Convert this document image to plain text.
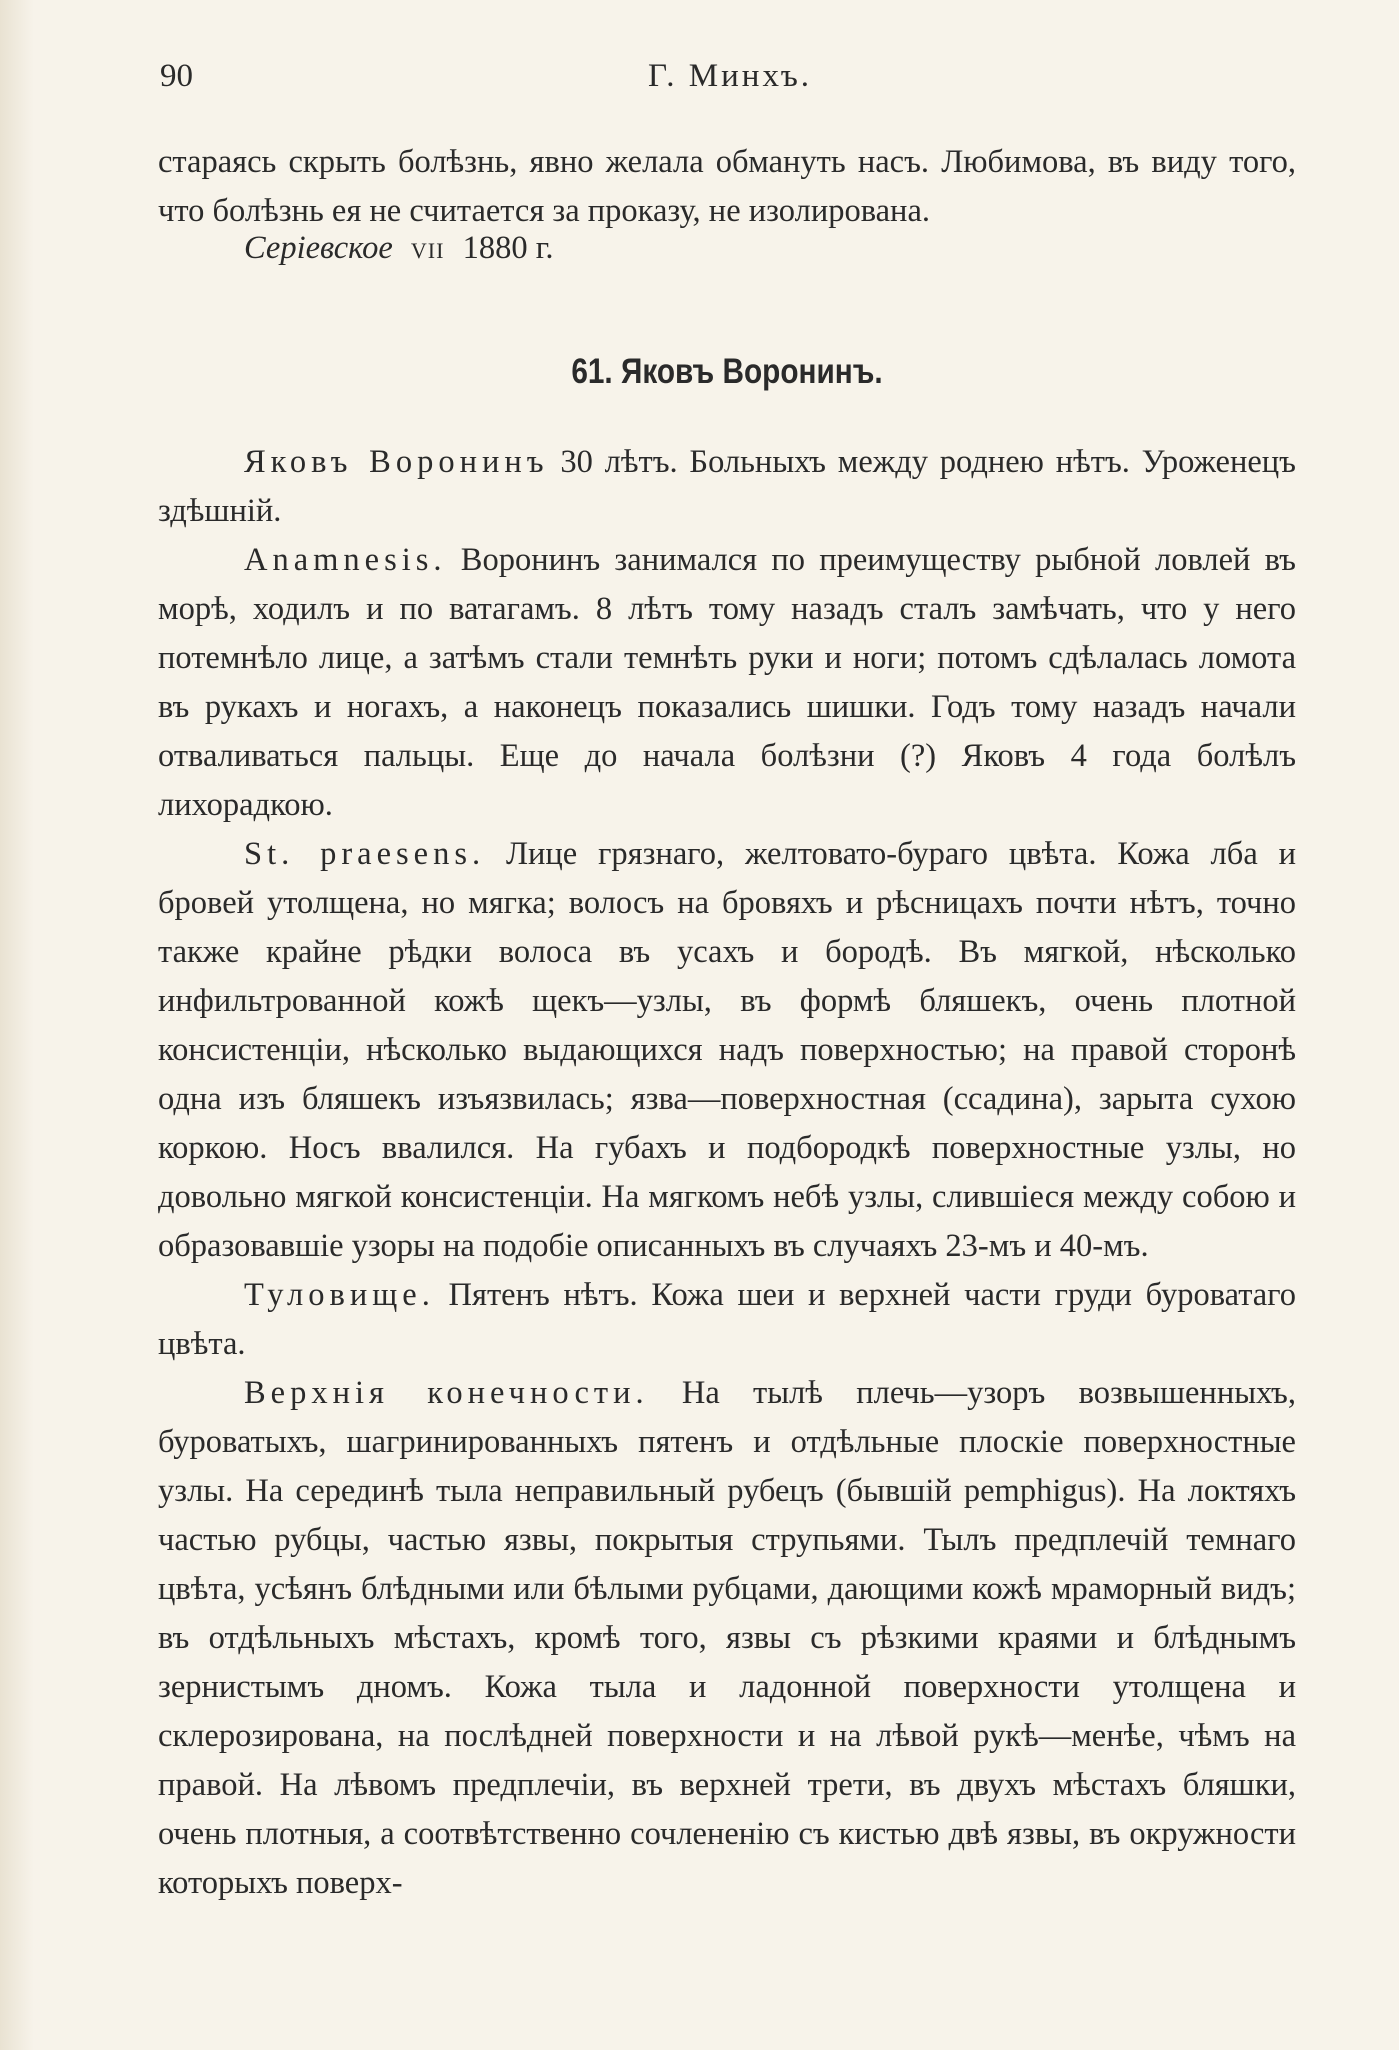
90	Г. Минхъ.

стараясь скрыть болѣзнь, явно желала обмануть насъ. Любимова, въ виду того, что болѣзнь ея не считается за проказу, не изолирована.

Серіевское VII 1880 г.
61. Яковъ Воронинъ.

Яковъ Воронинъ 30 лѣтъ. Больныхъ между роднею нѣтъ. Уроженецъ здѣшній.

Anamnesis. Воронинъ занимался по преимуществу рыбной ловлей въ морѣ, ходилъ и по ватагамъ. 8 лѣтъ тому назадъ сталъ замѣчать, что у него потемнѣло лице, а затѣмъ стали темнѣть руки и ноги; потомъ сдѣлалась ломота въ рукахъ и ногахъ, а наконецъ показались шишки. Годъ тому назадъ начали отваливаться пальцы. Еще до начала болѣзни (?) Яковъ 4 года болѣлъ лихорадкою.

St. praesens. Лице грязнаго, желтовато-бураго цвѣта. Кожа лба и бровей утолщена, но мягка; волосъ на бровяхъ и рѣсницахъ почти нѣтъ, точно также крайне рѣдки волоса въ усахъ и бородѣ. Въ мягкой, нѣсколько инфильтрованной кожѣ щекъ—узлы, въ формѣ бляшекъ, очень плотной консистенціи, нѣсколько выдающихся надъ поверхностью; на правой сторонѣ одна изъ бляшекъ изъязвилась; язва—поверхностная (ссадина), зарыта сухою коркою. Носъ ввалился. На губахъ и подбородкѣ поверхностные узлы, но довольно мягкой консистенціи. На мягкомъ небѣ узлы, слившіеся между собою и образовавшіе узоры на подобіе описанныхъ въ случаяхъ 23-мъ и 40-мъ.

Туловище. Пятенъ нѣтъ. Кожа шеи и верхней части груди буроватаго цвѣта.

Верхнія конечности. На тылѣ плечь—узоръ возвышенныхъ, буроватыхъ, шагринированныхъ пятенъ и отдѣльные плоскіе поверхностные узлы. На серединѣ тыла неправильный рубецъ (бывшій pemphigus). На локтяхъ частью рубцы, частью язвы, покрытыя струпьями. Тылъ предплечій темнаго цвѣта, усѣянъ блѣдными или бѣлыми рубцами, дающими кожѣ мраморный видъ; въ отдѣльныхъ мѣстахъ, кромѣ того, язвы съ рѣзкими краями и блѣднымъ зернистымъ дномъ. Кожа тыла и ладонной поверхности утолщена и склерозирована, на послѣдней поверхности и на лѣвой рукѣ—менѣе, чѣмъ на правой. На лѣвомъ предплечіи, въ верхней трети, въ двухъ мѣстахъ бляшки, очень плотныя, а соотвѣтственно сочлененію съ кистью двѣ язвы, въ окружности которыхъ поверх-
